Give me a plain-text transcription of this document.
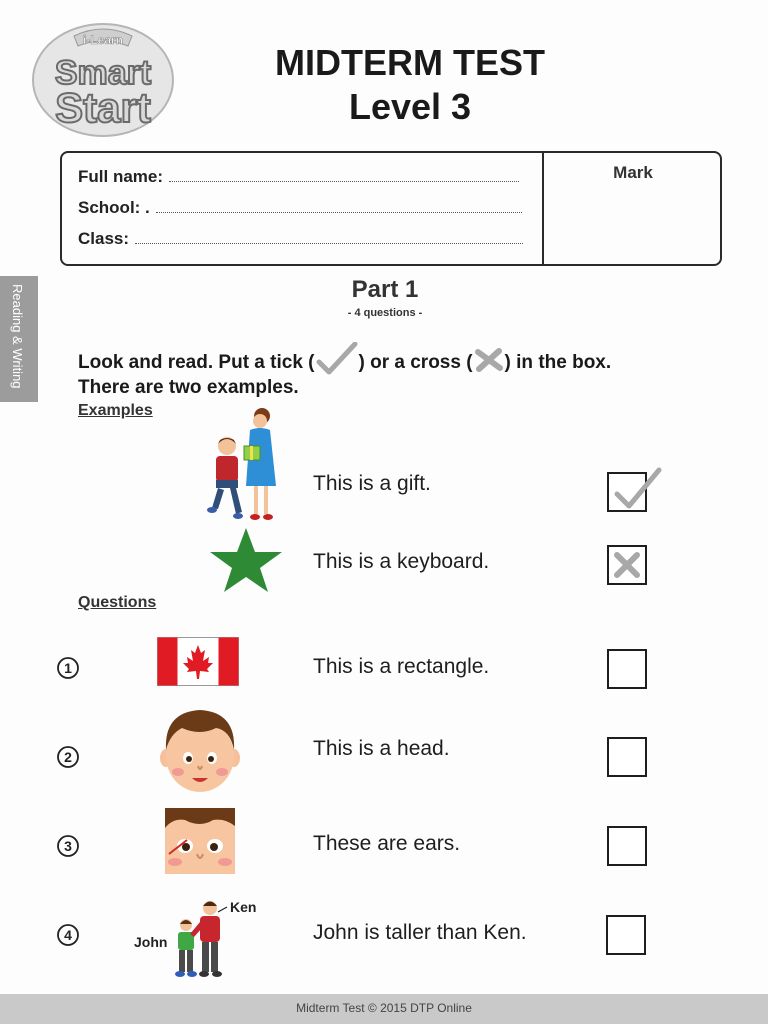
i-Learn
Smart
Start
MIDTERM TEST
Level 3
Full name:
School: .
Class:
Mark
Reading & Writing	Part 1
- 4 questions -
Look and read. Put a tick ( ) or a cross ( ) in the box.
There are two examples.
Examples
This is a gift.
This is a keyboard.
Questions
1	This is a rectangle.
2	This is a head.
3	These are ears.
4	John
Ken
John is taller than Ken.
Midterm Test © 2015 DTP Online
